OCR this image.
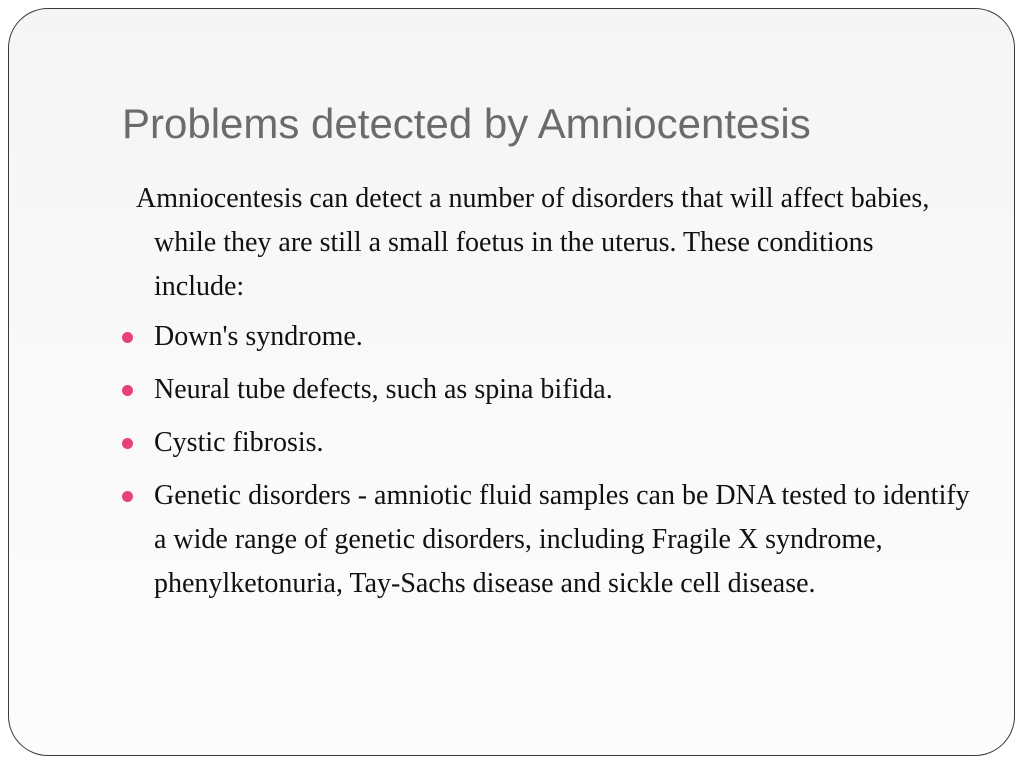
Problems detected by Amniocentesis

Amniocentesis can detect a number of disorders that will affect babies, while they are still a small foetus in the uterus. These conditions include:

Down's syndrome.
Neural tube defects, such as spina bifida.
Cystic fibrosis.
Genetic disorders - amniotic fluid samples can be DNA tested to identify a wide range of genetic disorders, including Fragile X syndrome, phenylketonuria, Tay-Sachs disease and sickle cell disease.
